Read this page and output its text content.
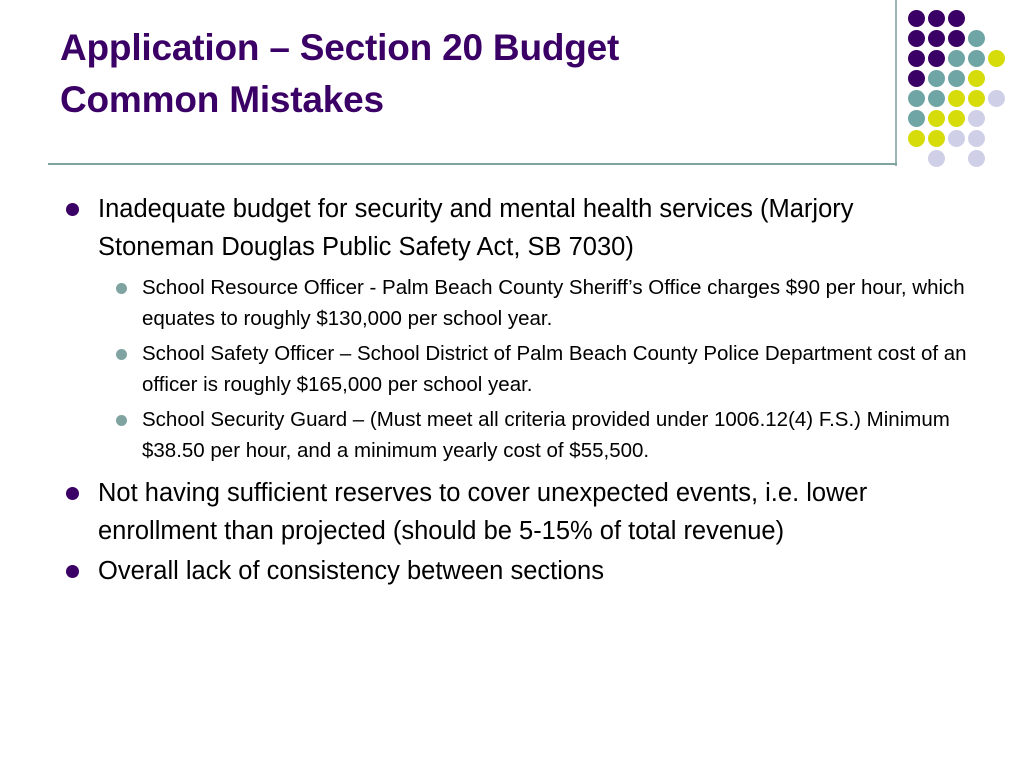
Application – Section 20 Budget
Common Mistakes
Inadequate budget for security and mental health services (Marjory Stoneman Douglas Public Safety Act, SB 7030)
School Resource Officer - Palm Beach County Sheriff’s Office charges $90 per hour, which equates to roughly $130,000 per school year.
School Safety Officer – School District of Palm Beach County Police Department cost of an officer is roughly $165,000 per school year.
School Security Guard – (Must meet all criteria provided under 1006.12(4) F.S.) Minimum $38.50 per hour, and a minimum yearly cost of $55,500.
Not having sufficient reserves to cover unexpected events, i.e. lower enrollment than projected (should be 5-15% of total revenue)
Overall lack of consistency between sections
